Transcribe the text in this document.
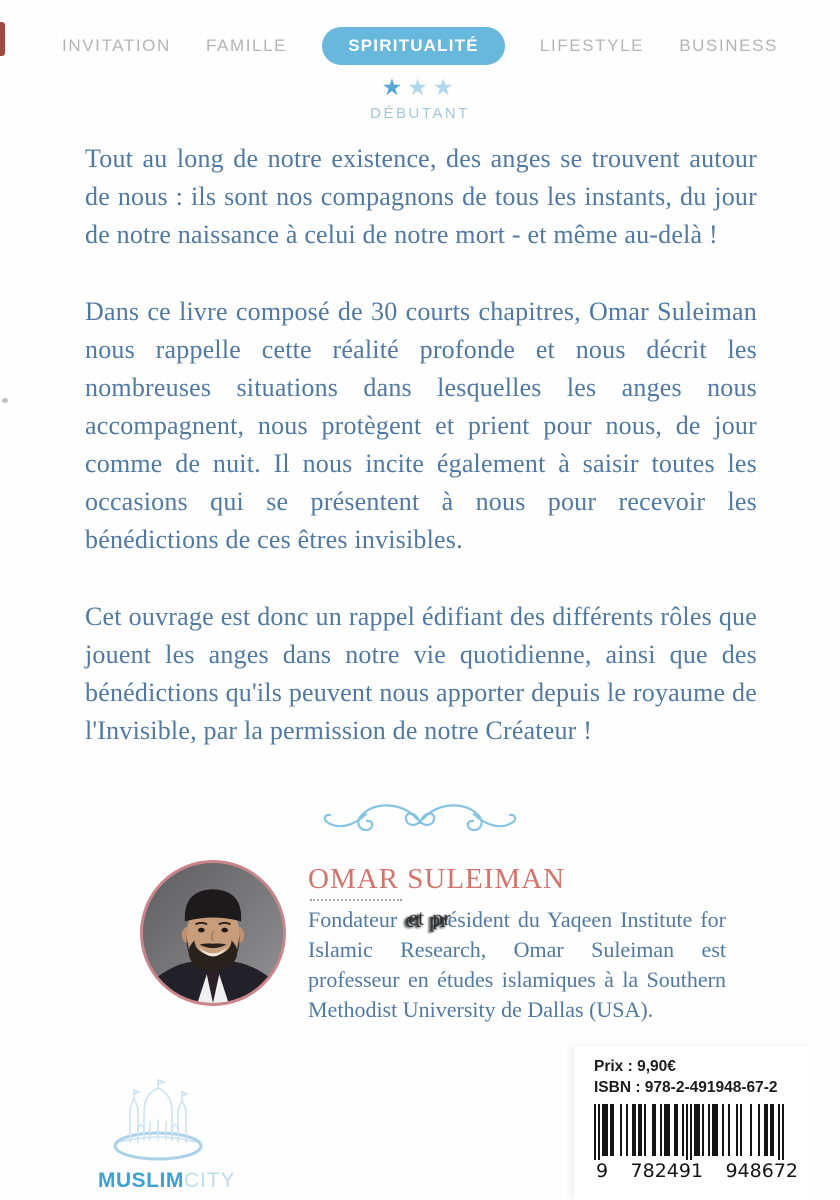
INVITATION FAMILLE	SPIRITUALITÉ	LIFESTYLE BUSINESS
★★★
DÉBUTANT

Tout au long de notre existence, des anges se trouvent autour de nous : ils sont nos compagnons de tous les instants, du jour de notre naissance à celui de notre mort - et même au-delà !

Dans ce livre composé de 30 courts chapitres, Omar Suleiman nous rappelle cette réalité profonde et nous décrit les nombreuses situations dans lesquelles les anges nous accompagnent, nous protègent et prient pour nous, de jour comme de nuit. Il nous incite également à saisir toutes les occasions qui se présentent à nous pour recevoir les bénédictions de ces êtres invisibles.

Cet ouvrage est donc un rappel édifiant des différents rôles que jouent les anges dans notre vie quotidienne, ainsi que des bénédictions qu'ils peuvent nous apporter depuis le royaume de l'Invisible, par la permission de notre Créateur !

OMAR SULEIMAN
Fondateur et président du Yaqeen Institute for Islamic Research, Omar Suleiman est professeur en études islamiques à la Southern Methodist University de Dallas (USA).
MUSLIMCITY
Prix : 9,90€
ISBN : 978-2-491948-67-2
9 782491 948672
